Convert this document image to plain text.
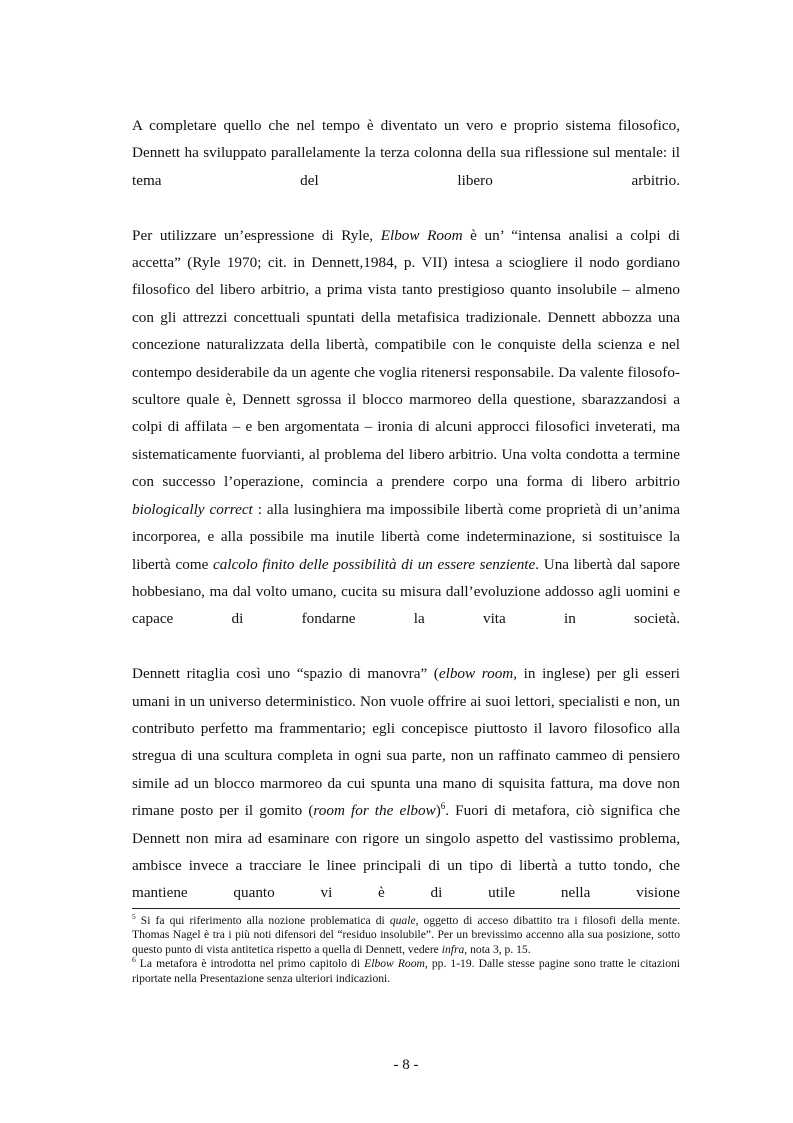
A completare quello che nel tempo è diventato un vero e proprio sistema filosofico, Dennett ha sviluppato parallelamente la terza colonna della sua riflessione sul mentale: il tema del libero arbitrio.

Per utilizzare un’espressione di Ryle, Elbow Room è un’ “intensa analisi a colpi di accetta” (Ryle 1970; cit. in Dennett,1984, p. VII) intesa a sciogliere il nodo gordiano filosofico del libero arbitrio, a prima vista tanto prestigioso quanto insolubile – almeno con gli attrezzi concettuali spuntati della metafisica tradizionale. Dennett abbozza una concezione naturalizzata della libertà, compatibile con le conquiste della scienza e nel contempo desiderabile da un agente che voglia ritenersi responsabile. Da valente filosofo-scultore quale è, Dennett sgrossa il blocco marmoreo della questione, sbarazzandosi a colpi di affilata – e ben argomentata – ironia di alcuni approcci filosofici inveterati, ma sistematicamente fuorvianti, al problema del libero arbitrio. Una volta condotta a termine con successo l’operazione, comincia a prendere corpo una forma di libero arbitrio biologically correct : alla lusinghiera ma impossibile libertà come proprietà di un’anima incorporea, e alla possibile ma inutile libertà come indeterminazione, si sostituisce la libertà come calcolo finito delle possibilità di un essere senziente. Una libertà dal sapore hobbesiano, ma dal volto umano, cucita su misura dall’evoluzione addosso agli uomini e capace di fondarne la vita in società.

Dennett ritaglia così uno “spazio di manovra” (elbow room, in inglese) per gli esseri umani in un universo deterministico. Non vuole offrire ai suoi lettori, specialisti e non, un contributo perfetto ma frammentario; egli concepisce piuttosto il lavoro filosofico alla stregua di una scultura completa in ogni sua parte, non un raffinato cammeo di pensiero simile ad un blocco marmoreo da cui spunta una mano di squisita fattura, ma dove non rimane posto per il gomito (room for the elbow)$^6$. Fuori di metafora, ciò significa che Dennett non mira ad esaminare con rigore un singolo aspetto del vastissimo problema, ambisce invece a tracciare le linee principali di un tipo di libertà a tutto tondo, che mantiene quanto vi è di utile nella visione

$^5$ Si fa qui riferimento alla nozione problematica di quale, oggetto di acceso dibattito tra i filosofi della mente. Thomas Nagel è tra i più noti difensori del “residuo insolubile”. Per un brevissimo accenno alla sua posizione, sotto questo punto di vista antitetica rispetto a quella di Dennett, vedere infra, nota 3, p. 15.

$^6$ La metafora è introdotta nel primo capitolo di Elbow Room, pp. 1-19. Dalle stesse pagine sono tratte le citazioni riportate nella Presentazione senza ulteriori indicazioni.

- 8 -
